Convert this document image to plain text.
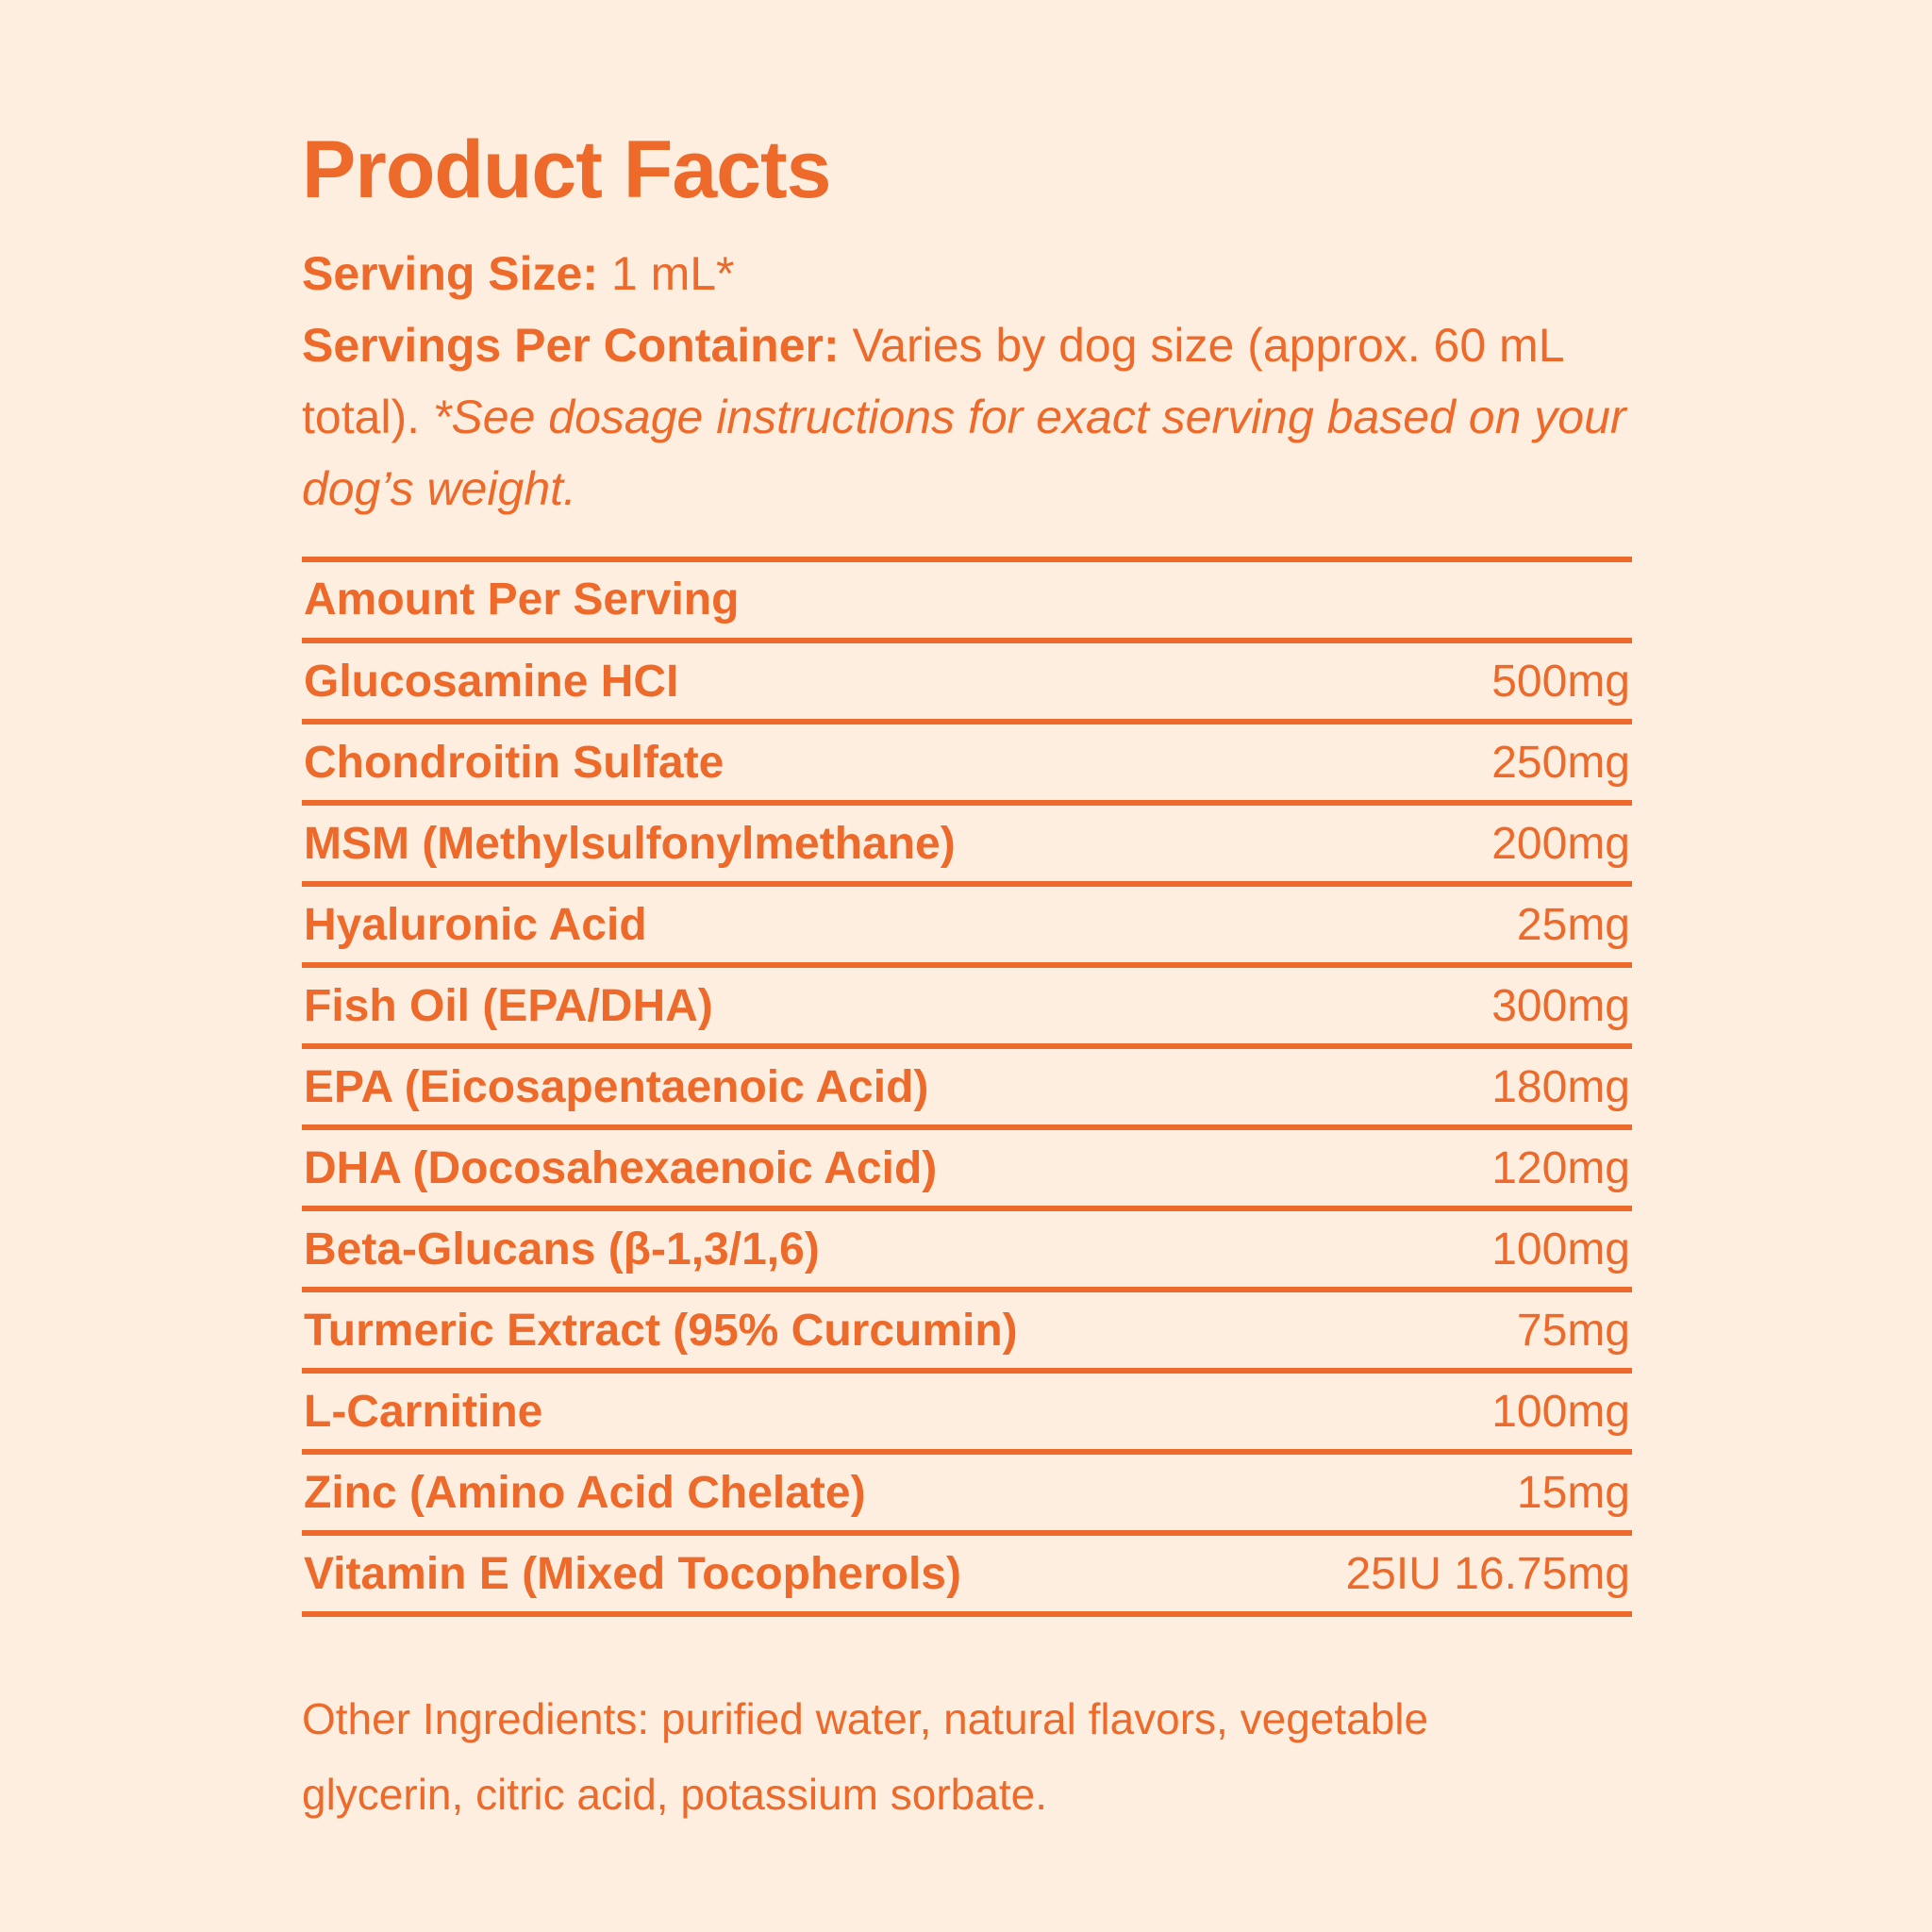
Product Facts
Serving Size: 1 mL*
Servings Per Container: Varies by dog size (approx. 60 mL total). *See dosage instructions for exact serving based on your dog’s weight.
Amount Per Serving
Glucosamine HCI	500mg
Chondroitin Sulfate	250mg
MSM (Methylsulfonylmethane)	200mg
Hyaluronic Acid	25mg
Fish Oil (EPA/DHA)	300mg
EPA (Eicosapentaenoic Acid)	180mg
DHA (Docosahexaenoic Acid)	120mg
Beta-Glucans (β-1,3/1,6)	100mg
Turmeric Extract (95% Curcumin)	75mg
L-Carnitine	100mg
Zinc (Amino Acid Chelate)	15mg
Vitamin E (Mixed Tocopherols)	25IU 16.75mg
Other Ingredients: purified water, natural flavors, vegetable glycerin, citric acid, potassium sorbate.
